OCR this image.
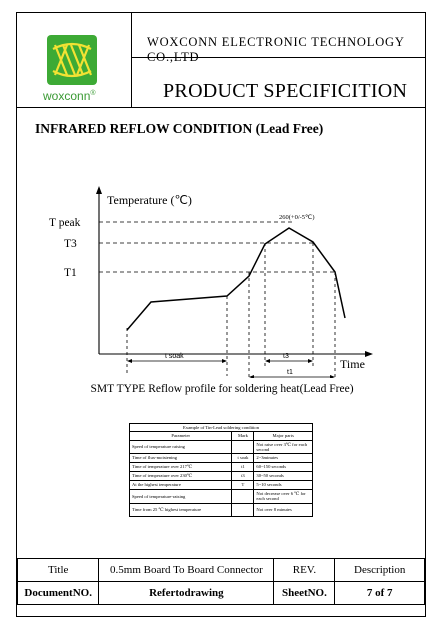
woxconn®
WOXCONN ELECTRONIC TECHNOLOGY CO.,LTD
PRODUCT SPECIFICITION
INFRARED REFLOW CONDITION (Lead Free)
Temperature (℃)
Time
T peak
T3
T1
260(+0/-5℃)
t soak	t3
t1
SMT TYPE Reflow profile for soldering heat(Lead Free)
Example of Tin-Lead soldering condition		
Parameter	Mark	Major parts
Speed of temperature raising		Not raise over 3℃ for each second
Time of flux-moistening	t soak	2~3minutes
Time of temperature over 217℃	t1	60~150 seconds
Time of temperature over 230℃	t3	30~50 seconds
At the highest temperature	T	5~10 seconds
Speed of temperature-raising		Not decrease over 6 ℃ for each second
Time from 25 ℃ highest temperature		Not over 8 minutes
Title	0.5mm Board To Board Connector	REV.	Description
DocumentNO.	Refertodrawing	SheetNO.	7 of 7
